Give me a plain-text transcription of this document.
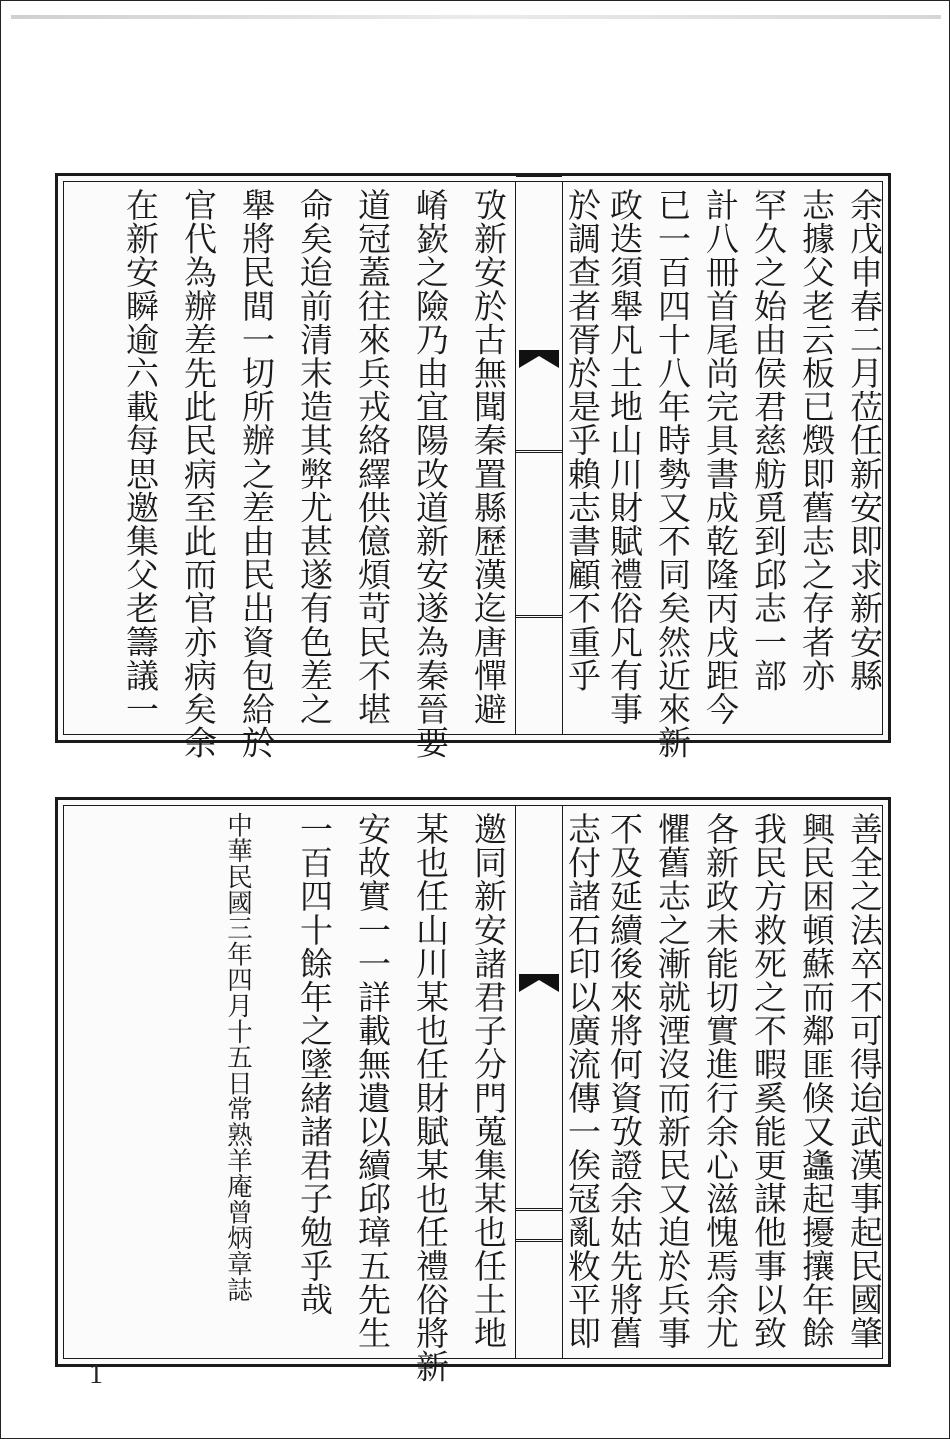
余戊申春二月莅任新安即求新安縣
志據父老云板已燬即舊志之存者亦
罕久之始由侯君慈舫覓到邱志一部
計八冊首尾尚完具書成乾隆丙戌距今
已一百四十八年時勢又不同矣然近來新
政迭須舉凡土地山川財賦禮俗凡有事
於調查者胥於是乎賴志書顧不重乎
攷新安於古無聞秦置縣歷漢迄唐憚避
崤嶔之險乃由宜陽改道新安遂為秦晉要
道冠蓋往來兵戎絡繹供億煩苛民不堪
命矣迨前清末造其弊尤甚遂有色差之
舉將民間一切所辦之差由民出資包給於
官代為辦差先此民病至此而官亦病矣余
在新安瞬逾六載每思邀集父老籌議一
善全之法卒不可得迨武漢事起民國肇
興民困頓蘇而鄰匪倏又蠭起擾攘年餘
我民方救死之不暇奚能更謀他事以致
各新政未能切實進行余心滋愧焉余尤
懼舊志之漸就湮沒而新民又迫於兵事
不及延續後來將何資攷證余姑先將舊
志付諸石印以廣流傳一俟冦亂敉平即
邀同新安諸君子分門蒐集某也任土地
某也任山川某也任財賦某也任禮俗將新
安故實一一詳載無遺以續邱璋五先生
一百四十餘年之墜緒諸君子勉乎哉
中華民國三年四月十五日常熟羊庵曾炳章誌
1
